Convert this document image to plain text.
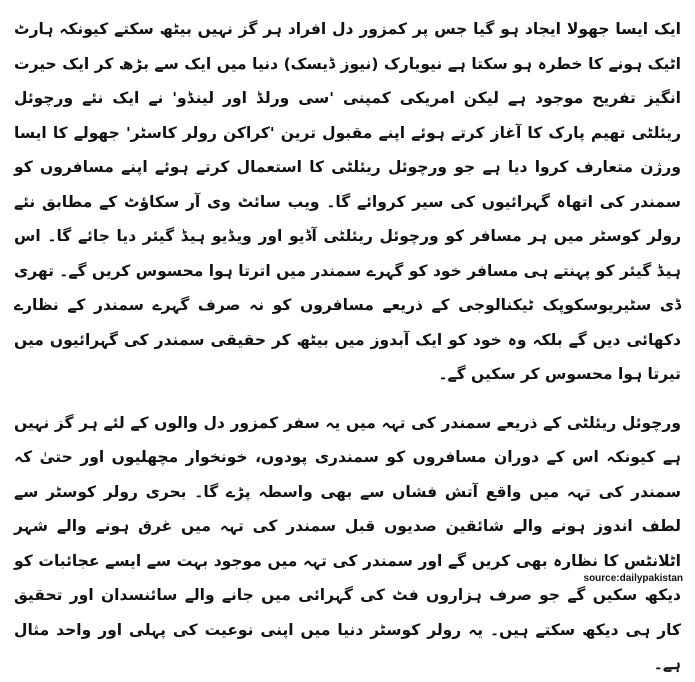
ایک ایسا جھولا ایجاد ہو گیا جس پر کمزور دل افراد ہر گز نہیں بیٹھ سکتے کیونکہ ہارٹ اٹیک ہونے کا خطرہ ہو سکتا ہے نیویارک (نیوز ڈیسک) دنیا میں ایک سے بڑھ کر ایک حیرت انگیز تفریح موجود ہے لیکن امریکی کمپنی 'سی ورلڈ اور لینڈو' نے ایک نئے ورچوئل ریئلٹی تھیم پارک کا آغاز کرتے ہوئے اپنے مقبول ترین 'کراکن رولر کاسٹر' جھولے کا ایسا ورژن متعارف کروا دیا ہے جو ورچوئل ریئلٹی کا استعمال کرتے ہوئے اپنے مسافروں کو سمندر کی اتھاہ گہرائیوں کی سیر کروائے گا۔ ویب سائٹ وی آر سکاؤٹ کے مطابق نئے رولر کوسٹر میں ہر مسافر کو ورچوئل ریئلٹی آڈیو اور ویڈیو ہیڈ گیئر دیا جائے گا۔ اس ہیڈ گیئر کو پہنتے ہی مسافر خود کو گہرے سمندر میں اترتا ہوا محسوس کریں گے۔ تھری ڈی سٹیریوسکوپک ٹیکنالوجی کے ذریعے مسافروں کو نہ صرف گہرے سمندر کے نظارے دکھائی دیں گے بلکہ وہ خود کو ایک آبدوز میں بیٹھ کر حقیقی سمندر کی گہرائیوں میں تیرتا ہوا محسوس کر سکیں گے۔

ورچوئل ریئلٹی کے ذریعے سمندر کی تہہ میں یہ سفر کمزور دل والوں کے لئے ہر گز نہیں ہے کیونکہ اس کے دوران مسافروں کو سمندری پودوں، خونخوار مچھلیوں اور حتیٰ کہ سمندر کی تہہ میں واقع آتش فشاں سے بھی واسطہ پڑے گا۔ بحری رولر کوسٹر سے لطف اندوز ہونے والے شائقین صدیوں قبل سمندر کی تہہ میں غرق ہونے والے شہر اٹلانٹس کا نظارہ بھی کریں گے اور سمندر کی تہہ میں موجود بہت سے ایسے عجائبات کو دیکھ سکیں گے جو صرف ہزاروں فٹ کی گہرائی میں جانے والے سائنسدان اور تحقیق کار ہی دیکھ سکتے ہیں۔ یہ رولر کوسٹر دنیا میں اپنی نوعیت کی پہلی اور واحد مثال ہے۔

source:dailypakistan
